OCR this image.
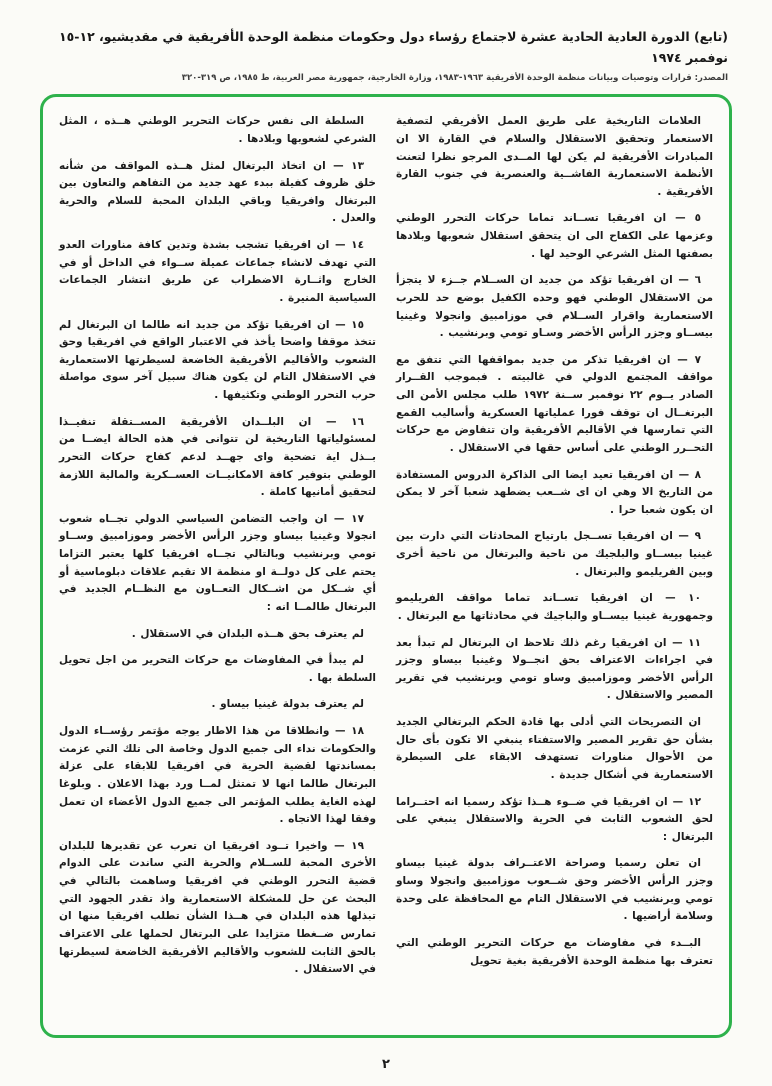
(تابع) الدورة العادية الحادية عشرة لاجتماع رؤساء دول وحكومات منظمة الوحدة الأفريقية في مقديشيو، ١٢-١٥ نوفمبر ١٩٧٤
المصدر: قرارات وتوصيات وبيانات منظمة الوحدة الأفريقية ١٩٦٣-١٩٨٣، وزارة الخارجية، جمهورية مصر العربية، ط ١٩٨٥، ص ٣١٩-٣٢٠

العلامات التاريخية على طريق العمل الأفريقي لتصفية الاستعمار وتحقيق الاستقلال والسلام في القارة الا ان المبادرات الأفريقية لم يكن لها المــدى المرجو نظرا لتعنت الأنظمة الاستعمارية الفاشــية والعنصرية في جنوب القارة الأفريقية .

٥ — ان افريقيا تســاند تماما حركات التحرر الوطني وعزمها على الكفاح الى ان يتحقق استقلال شعوبها وبلادها بصفتها المثل الشرعي الوحيد لها .

٦ — ان افريقيا تؤكد من جديد ان الســلام جــزء لا يتجزأ من الاستقلال الوطني فهو وحده الكفيل بوضع حد للحرب الاستعمارية واقرار الســلام في موزامبيق وانجولا وغينيا بيســاو وجزر الرأس الأخضر وسـاو تومي وبرنشيب .

٧ — ان افريقيا تذكر من جديد بمواقفها التي تتفق مع مواقف المجتمع الدولي في غالبيته . فبموجب القــرار الصادر يــوم ٢٢ نوفمبر ســنة ١٩٧٢ طلب مجلس الأمن الى البرتغــال ان توقف فورا عملياتها العسكرية وأساليب القمع التي تمارسها في الأقاليم الأفريقية وان تتفاوض مع حركات التحــرر الوطني على أساس حقها في الاستقلال .

٨ — ان افريقيا تعيد ايضا الى الذاكرة الدروس المستفادة من التاريخ الا وهي ان اى شــعب يضطهد شعبا آخر لا يمكن ان يكون شعبا حرا .

٩ — ان افريقيا تســجل بارتياح المحادثات التي دارت بين غينيا بيســاو والبلجيك من ناحية والبرتغال من ناحية أخرى وبين الفريليمو والبرتغال .

١٠ — ان افريقيا تســاند تماما مواقف الفريليمو وجمهورية غينيا بيســاو والباجيك في محادثاتها مع البرتغال .

١١ — ان افريقيا رغم ذلك تلاحظ ان البرتغال لم تبدأ بعد في اجراءات الاعتراف بحق انجــولا وغينيا بيساو وجزر الرأس الأخضر وموزامبيق وساو تومي وبرنشيب في تقرير المصير والاستقلال .

ان التصريحات التي أدلى بها قادة الحكم البرتغالي الجديد بشأن حق تقرير المصير والاستفتاء ينبغي الا تكون بأى حال من الأحوال مناورات تستهدف الابقاء على السيطرة الاستعمارية في أشكال جديدة .

١٢ — ان افريقيا في ضــوء هــذا تؤكد رسميا انه احتــراما لحق الشعوب الثابت في الحرية والاستقلال ينبغي على البرتغال :

ان تعلن رسميا وصراحة الاعتــراف بدولة غينيا بيساو وجزر الرأس الأخضر وحق شــعوب موزامبيق وانجولا وساو تومي وبرنشيب في الاستقلال التام مع المحافظة على وحدة وسلامة أراضيها .

البــدء في مفاوضات مع حركات التحرير الوطني التي تعترف بها منظمة الوحدة الأفريقية بغية تحويل

السلطة الى نفس حركات التحرير الوطني هــذه ، المثل الشرعي لشعوبها وبلادها .

١٣ — ان اتخاذ البرتغال لمثل هــذه المواقف من شأنه خلق ظروف كفيلة ببدء عهد جديد من التفاهم والتعاون بين البرتغال وافريقيا وباقي البلدان المحبة للسلام والحرية والعدل .

١٤ — ان افريقيا تشجب بشدة وتدين كافة مناورات العدو التي تهدف لانشاء جماعات عميلة ســواء في الداخل أو في الخارج واثــارة الاضطراب عن طريق انتشار الجماعات السياسية المنيرة .

١٥ — ان افريقيا تؤكد من جديد انه طالما ان البرتغال لم تتخذ موقفا واضحا يأخذ في الاعتبار الواقع في افريقيا وحق الشعوب والأقاليم الأفريقية الخاضعة لسيطرتها الاستعمارية في الاستقلال التام لن يكون هناك سبيل آخر سوى مواصلة حرب التحرر الوطني وتكثيفها .

١٦ — ان البلــدان الأفريقية المســتقلة تنفيــذا لمسئولياتها التاريخية لن تتوانى في هذه الحالة ايضــا من بــذل اية تضحية واى جهــد لدعم كفاح حركات التحرر الوطني بتوفير كافة الامكانيــات العســكرية والمالية اللازمة لتحقيق أمانيها كاملة .

١٧ — ان واجب التضامن السياسي الدولي تجــاه شعوب انجولا وغينيا بيساو وجزر الرأس الأخضر وموزامبيق وســاو تومي وبرنشيب وبالتالي تجــاه افريقيا كلها يعتبر التزاما يحتم على كل دولــة او منظمة الا تقيم علاقات دبلوماسية أو أي شــكل من اشــكال التعــاون مع النظــام الجديد في البرتغال طالمــا انه :

لم يعترف بحق هــذه البلدان في الاستقلال .

لم يبدأ في المفاوضات مع حركات التحرير من اجل تحويل السلطة بها .

لم يعترف بدولة غينيا بيساو .

١٨ — وانطلاقا من هذا الاطار يوجه مؤتمر رؤســاء الدول والحكومات نداء الى جميع الدول وخاصة الى تلك التي عزمت بمساندتها لقضية الحرية في افريقيا للابقاء على عزلة البرتغال طالما انها لا تمتثل لمــا ورد بهذا الاعلان . وبلوغا لهذه الغاية يطلب المؤتمر الى جميع الدول الأعضاء ان تعمل وفقا لهذا الاتجاه .

١٩ — واخيرا تــود افريقيا ان تعرب عن تقديرها للبلدان الأخرى المحبة للســلام والحرية التي ساندت على الدوام قضية التحرر الوطني في افريقيا وساهمت بالتالي في البحث عن حل للمشكلة الاستعمارية واذ تقدر الجهود التي تبذلها هذه البلدان في هــذا الشأن تطلب افريقيا منها ان تمارس ضــغطا متزايدا على البرتغال لحملها على الاعتراف بالحق الثابت للشعوب والأقاليم الأفريقية الخاضعة لسيطرتها في الاستقلال .

٢
